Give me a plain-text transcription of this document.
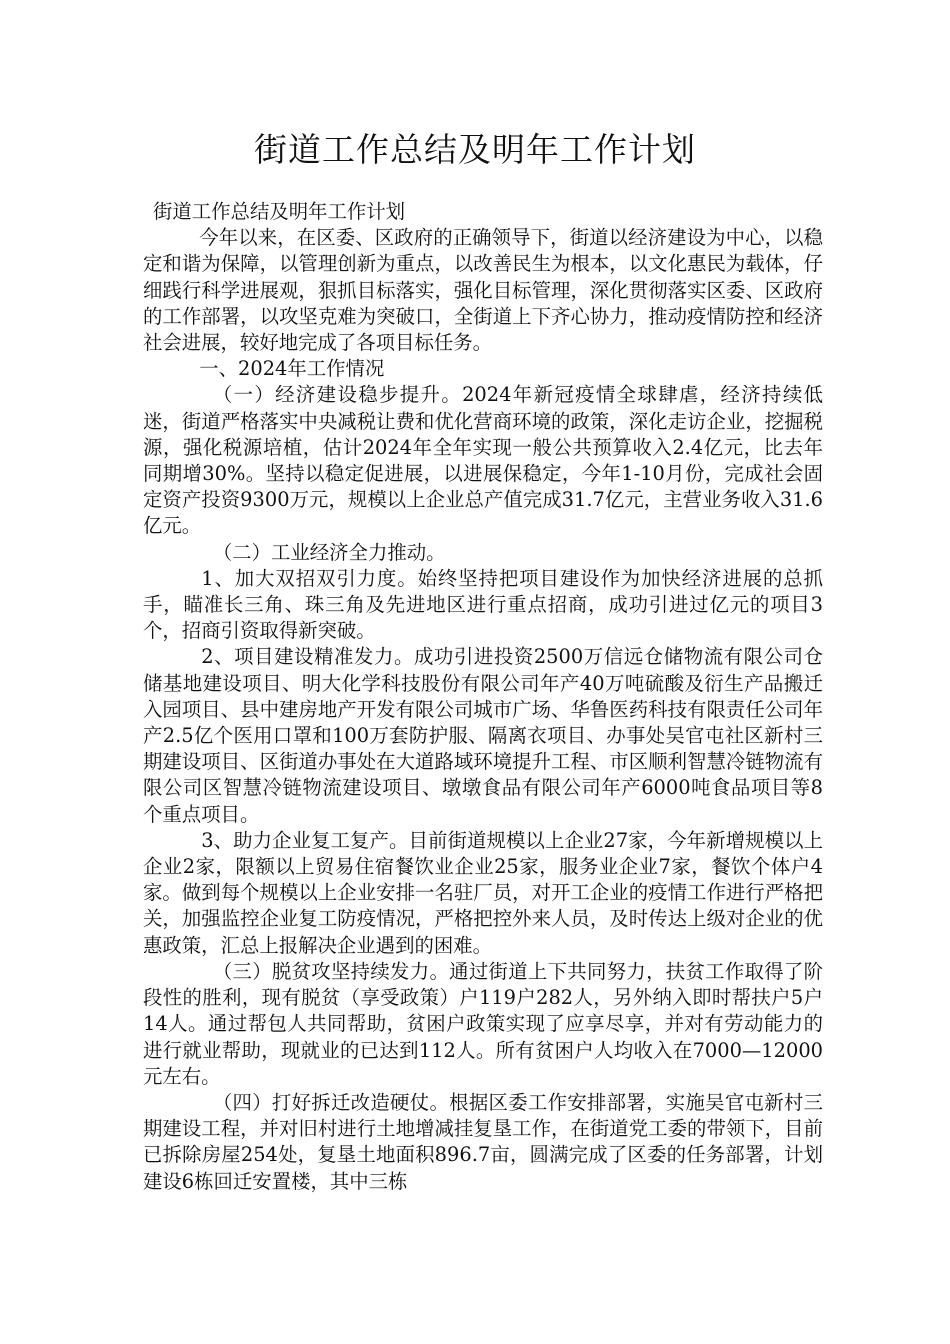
街道工作总结及明年工作计划

街道工作总结及明年工作计划

今年以来，在区委、区政府的正确领导下，街道以经济建设为中心，以稳定和谐为保障，以管理创新为重点，以改善民生为根本，以文化惠民为载体，仔细践行科学进展观，狠抓目标落实，强化目标管理，深化贯彻落实区委、区政府的工作部署，以攻坚克难为突破口，全街道上下齐心协力，推动疫情防控和经济社会进展，较好地完成了各项目标任务。

一、2024年工作情况

（一）经济建设稳步提升。2024年新冠疫情全球肆虐，经济持续低迷，街道严格落实中央减税让费和优化营商环境的政策，深化走访企业，挖掘税源，强化税源培植，估计2024年全年实现一般公共预算收入2.4亿元，比去年同期增30%。坚持以稳定促进展，以进展保稳定，今年1-10月份，完成社会固定资产投资9300万元，规模以上企业总产值完成31.7亿元，主营业务收入31.6亿元。

（二）工业经济全力推动。

1、加大双招双引力度。始终坚持把项目建设作为加快经济进展的总抓手，瞄准长三角、珠三角及先进地区进行重点招商，成功引进过亿元的项目3个，招商引资取得新突破。

2、项目建设精准发力。成功引进投资2500万信远仓储物流有限公司仓储基地建设项目、明大化学科技股份有限公司年产40万吨硫酸及衍生产品搬迁入园项目、县中建房地产开发有限公司城市广场、华鲁医药科技有限责任公司年产2.5亿个医用口罩和100万套防护服、隔离衣项目、办事处吴官屯社区新村三期建设项目、区街道办事处在大道路域环境提升工程、市区顺利智慧冷链物流有限公司区智慧冷链物流建设项目、墩墩食品有限公司年产6000吨食品项目等8个重点项目。

3、助力企业复工复产。目前街道规模以上企业27家，今年新增规模以上企业2家，限额以上贸易住宿餐饮业企业25家，服务业企业7家，餐饮个体户4家。做到每个规模以上企业安排一名驻厂员，对开工企业的疫情工作进行严格把关，加强监控企业复工防疫情况，严格把控外来人员，及时传达上级对企业的优惠政策，汇总上报解决企业遇到的困难。

（三）脱贫攻坚持续发力。通过街道上下共同努力，扶贫工作取得了阶段性的胜利，现有脱贫（享受政策）户119户282人，另外纳入即时帮扶户5户14人。通过帮包人共同帮助，贫困户政策实现了应享尽享，并对有劳动能力的进行就业帮助，现就业的已达到112人。所有贫困户人均收入在7000—12000元左右。

（四）打好拆迁改造硬仗。根据区委工作安排部署，实施吴官屯新村三期建设工程，并对旧村进行土地增减挂复垦工作，在街道党工委的带领下，目前已拆除房屋254处，复垦土地面积896.7亩，圆满完成了区委的任务部署，计划建设6栋回迁安置楼，其中三栋
